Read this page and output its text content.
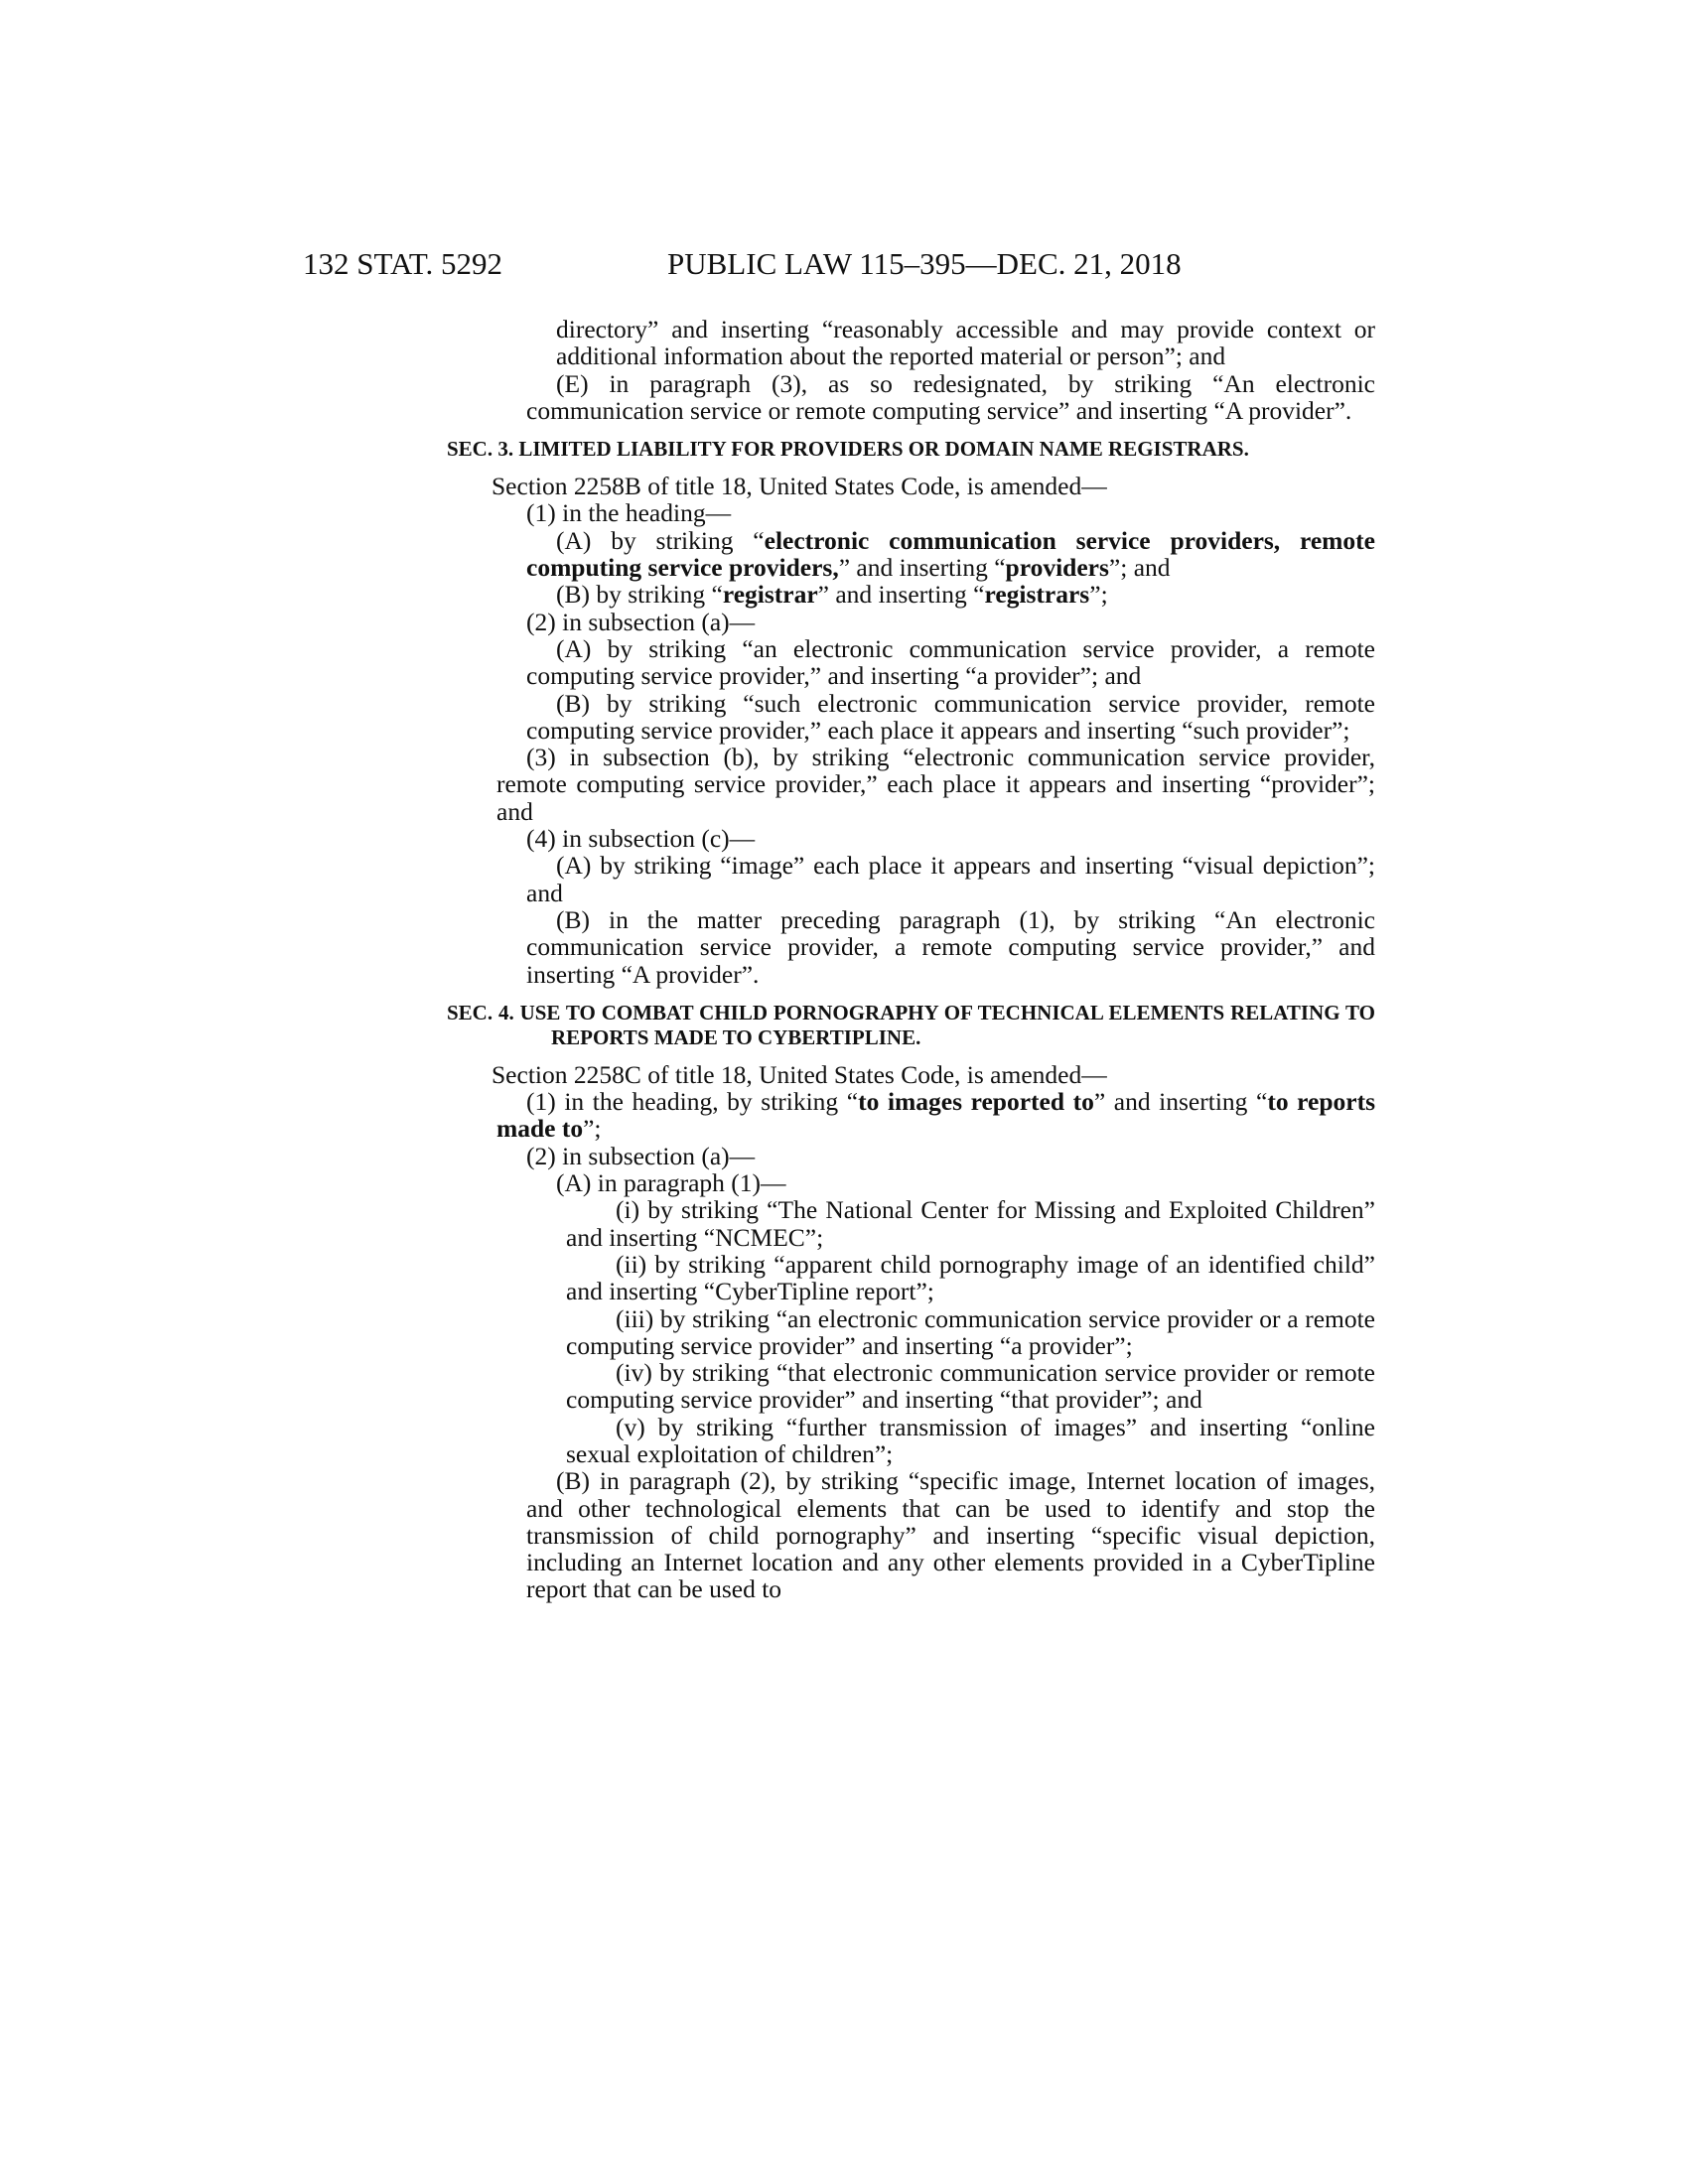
132 STAT. 5292	PUBLIC LAW 115–395—DEC. 21, 2018

directory” and inserting “reasonably accessible and may provide context or additional information about the reported material or person”; and

(E) in paragraph (3), as so redesignated, by striking “An electronic communication service or remote computing service” and inserting “A provider”.

SEC. 3. LIMITED LIABILITY FOR PROVIDERS OR DOMAIN NAME REGISTRARS.

Section 2258B of title 18, United States Code, is amended—

(1) in the heading—

(A) by striking “electronic communication service providers, remote computing service providers,” and inserting “providers”; and

(B) by striking “registrar” and inserting “registrars”;

(2) in subsection (a)—

(A) by striking “an electronic communication service provider, a remote computing service provider,” and inserting “a provider”; and

(B) by striking “such electronic communication service provider, remote computing service provider,” each place it appears and inserting “such provider”;

(3) in subsection (b), by striking “electronic communication service provider, remote computing service provider,” each place it appears and inserting “provider”; and

(4) in subsection (c)—

(A) by striking “image” each place it appears and inserting “visual depiction”; and

(B) in the matter preceding paragraph (1), by striking “An electronic communication service provider, a remote computing service provider,” and inserting “A provider”.

SEC. 4. USE TO COMBAT CHILD PORNOGRAPHY OF TECHNICAL ELEMENTS RELATING TO REPORTS MADE TO CYBERTIPLINE.

Section 2258C of title 18, United States Code, is amended—

(1) in the heading, by striking “to images reported to” and inserting “to reports made to”;

(2) in subsection (a)—

(A) in paragraph (1)—

(i) by striking “The National Center for Missing and Exploited Children” and inserting “NCMEC”;

(ii) by striking “apparent child pornography image of an identified child” and inserting “CyberTipline report”;

(iii) by striking “an electronic communication service provider or a remote computing service provider” and inserting “a provider”;

(iv) by striking “that electronic communication service provider or remote computing service provider” and inserting “that provider”; and

(v) by striking “further transmission of images” and inserting “online sexual exploitation of children”;

(B) in paragraph (2), by striking “specific image, Internet location of images, and other technological elements that can be used to identify and stop the transmission of child pornography” and inserting “specific visual depiction, including an Internet location and any other elements provided in a CyberTipline report that can be used to
